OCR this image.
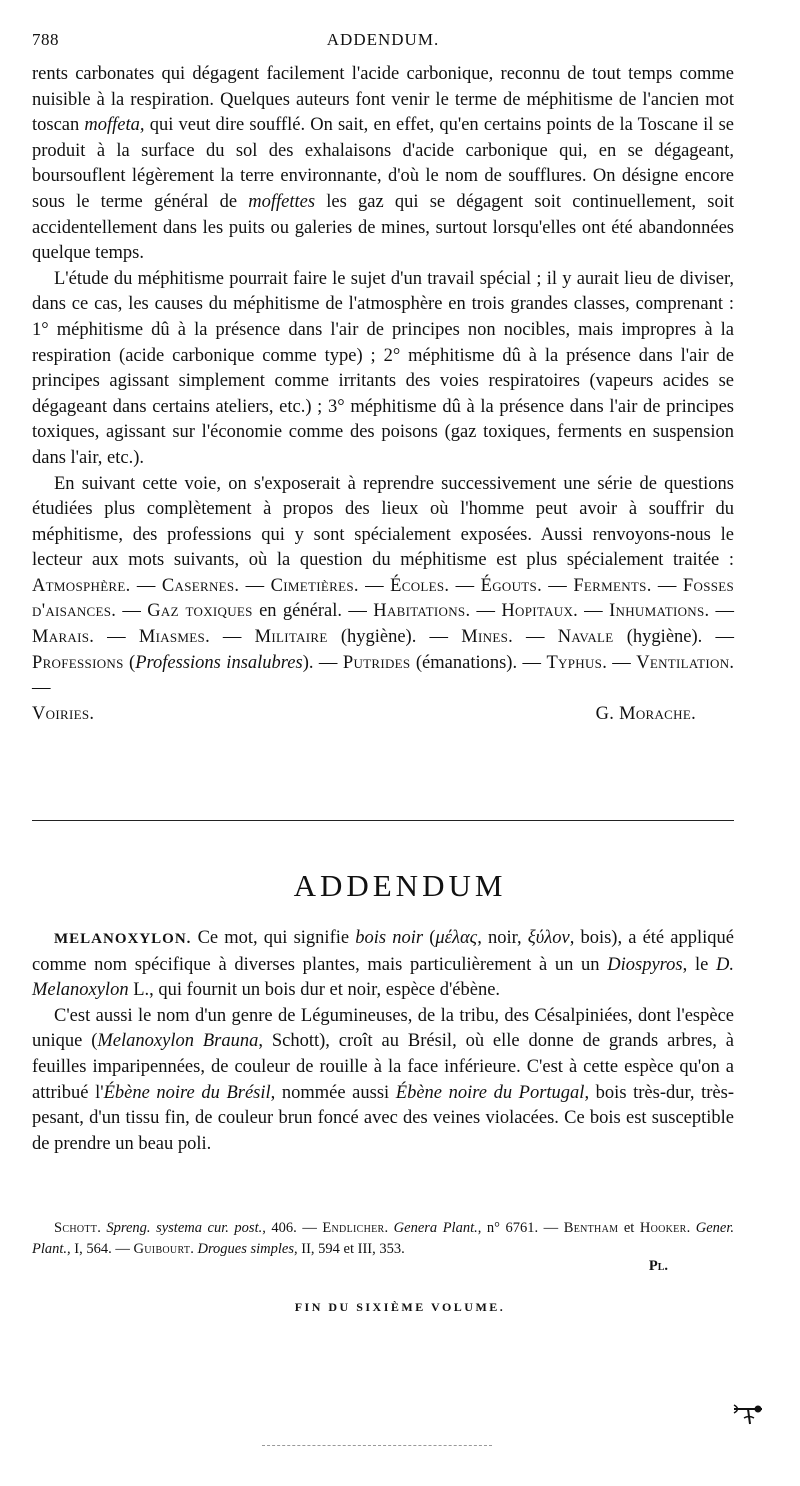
788	ADDENDUM.

rents carbonates qui dégagent facilement l'acide carbonique, reconnu de tout temps comme nuisible à la respiration. Quelques auteurs font venir le terme de méphitisme de l'ancien mot toscan moffeta, qui veut dire soufflé. On sait, en effet, qu'en certains points de la Toscane il se produit à la surface du sol des exhalaisons d'acide carbonique qui, en se dégageant, boursouflent légèrement la terre environnante, d'où le nom de soufflures. On désigne encore sous le terme général de moffettes les gaz qui se dégagent soit continuellement, soit accidentellement dans les puits ou galeries de mines, surtout lorsqu'elles ont été abandonnées quelque temps.

L'étude du méphitisme pourrait faire le sujet d'un travail spécial ; il y aurait lieu de diviser, dans ce cas, les causes du méphitisme de l'atmosphère en trois grandes classes, comprenant : 1° méphitisme dû à la présence dans l'air de principes non nocibles, mais impropres à la respiration (acide carbonique comme type) ; 2° méphitisme dû à la présence dans l'air de principes agissant simplement comme irritants des voies respiratoires (vapeurs acides se dégageant dans certains ateliers, etc.) ; 3° méphitisme dû à la présence dans l'air de principes toxiques, agissant sur l'économie comme des poisons (gaz toxiques, ferments en suspension dans l'air, etc.).

En suivant cette voie, on s'exposerait à reprendre successivement une série de questions étudiées plus complètement à propos des lieux où l'homme peut avoir à souffrir du méphitisme, des professions qui y sont spécialement exposées. Aussi renvoyons-nous le lecteur aux mots suivants, où la question du méphitisme est plus spécialement traitée : Atmosphère. — Casernes. — Cimetières. — Écoles. — Égouts. — Ferments. — Fosses d'aisances. — Gaz toxiques en général. — Habitations. — Hopitaux. — Inhumations. — Marais. — Miasmes. — Militaire (hygiène). — Mines. — Navale (hygiène). — Professions (Professions insalubres). — Putrides (émanations). — Typhus. — Ventilation. —

Voiries.	G. Morache.
ADDENDUM

MELANOXYLON. Ce mot, qui signifie bois noir (μέλας, noir, ξύλον, bois), a été appliqué comme nom spécifique à diverses plantes, mais particulièrement à un un Diospyros, le D. Melanoxylon L., qui fournit un bois dur et noir, espèce d'ébène.

C'est aussi le nom d'un genre de Légumineuses, de la tribu, des Césalpiniées, dont l'espèce unique (Melanoxylon Brauna, Schott), croît au Brésil, où elle donne de grands arbres, à feuilles imparipennées, de couleur de rouille à la face inférieure. C'est à cette espèce qu'on a attribué l'Ébène noire du Brésil, nommée aussi Ébène noire du Portugal, bois très-dur, très-pesant, d'un tissu fin, de couleur brun foncé avec des veines violacées. Ce bois est susceptible de prendre un beau poli.

Schott. Spreng. systema cur. post., 406. — Endlicher. Genera Plant., n° 6761. — Bentham et Hooker. Gener. Plant., I, 564. — Guibourt. Drogues simples, II, 594 et III, 353.
Pl.
FIN DU SIXIÈME VOLUME.
